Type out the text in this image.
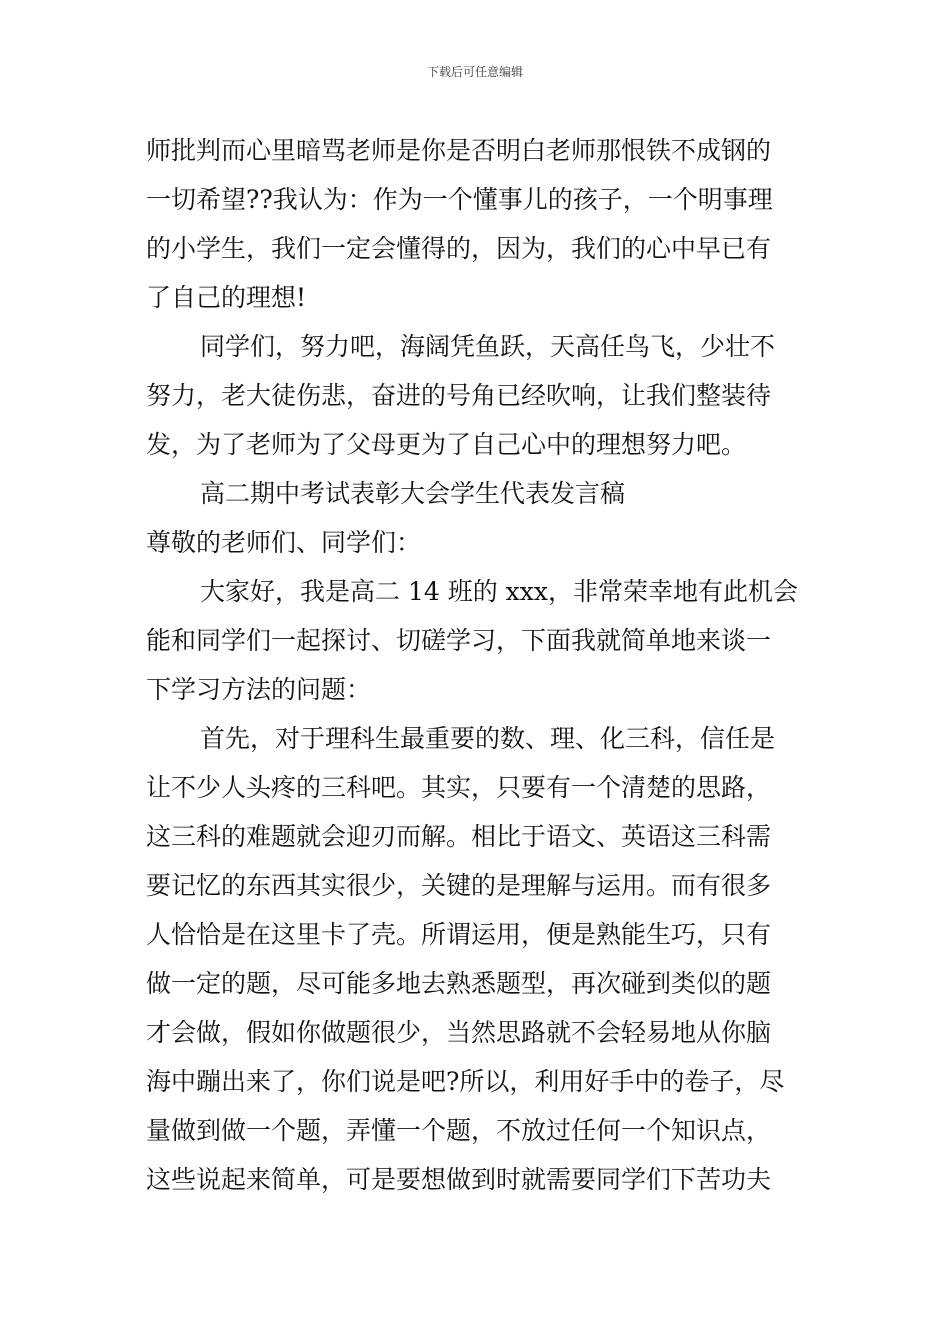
下载后可任意编辑
师批判而心里暗骂老师是你是否明白老师那恨铁不成钢的
一切希望??我认为：作为一个懂事儿的孩子，一个明事理
的小学生，我们一定会懂得的，因为，我们的心中早已有
了自己的理想!
同学们，努力吧，海阔凭鱼跃，天高任鸟飞，少壮不
努力，老大徒伤悲，奋进的号角已经吹响，让我们整装待
发，为了老师为了父母更为了自己心中的理想努力吧。
高二期中考试表彰大会学生代表发言稿
尊敬的老师们、同学们：
大家好，我是高二 14 班的 xxx，非常荣幸地有此机会
能和同学们一起探讨、切磋学习，下面我就简单地来谈一
下学习方法的问题：
首先，对于理科生最重要的数、理、化三科，信任是
让不少人头疼的三科吧。其实，只要有一个清楚的思路，
这三科的难题就会迎刃而解。相比于语文、英语这三科需
要记忆的东西其实很少，关键的是理解与运用。而有很多
人恰恰是在这里卡了壳。所谓运用，便是熟能生巧，只有
做一定的题，尽可能多地去熟悉题型，再次碰到类似的题
才会做，假如你做题很少，当然思路就不会轻易地从你脑
海中蹦出来了，你们说是吧?所以，利用好手中的卷子，尽
量做到做一个题，弄懂一个题，不放过任何一个知识点，
这些说起来简单，可是要想做到时就需要同学们下苦功夫
